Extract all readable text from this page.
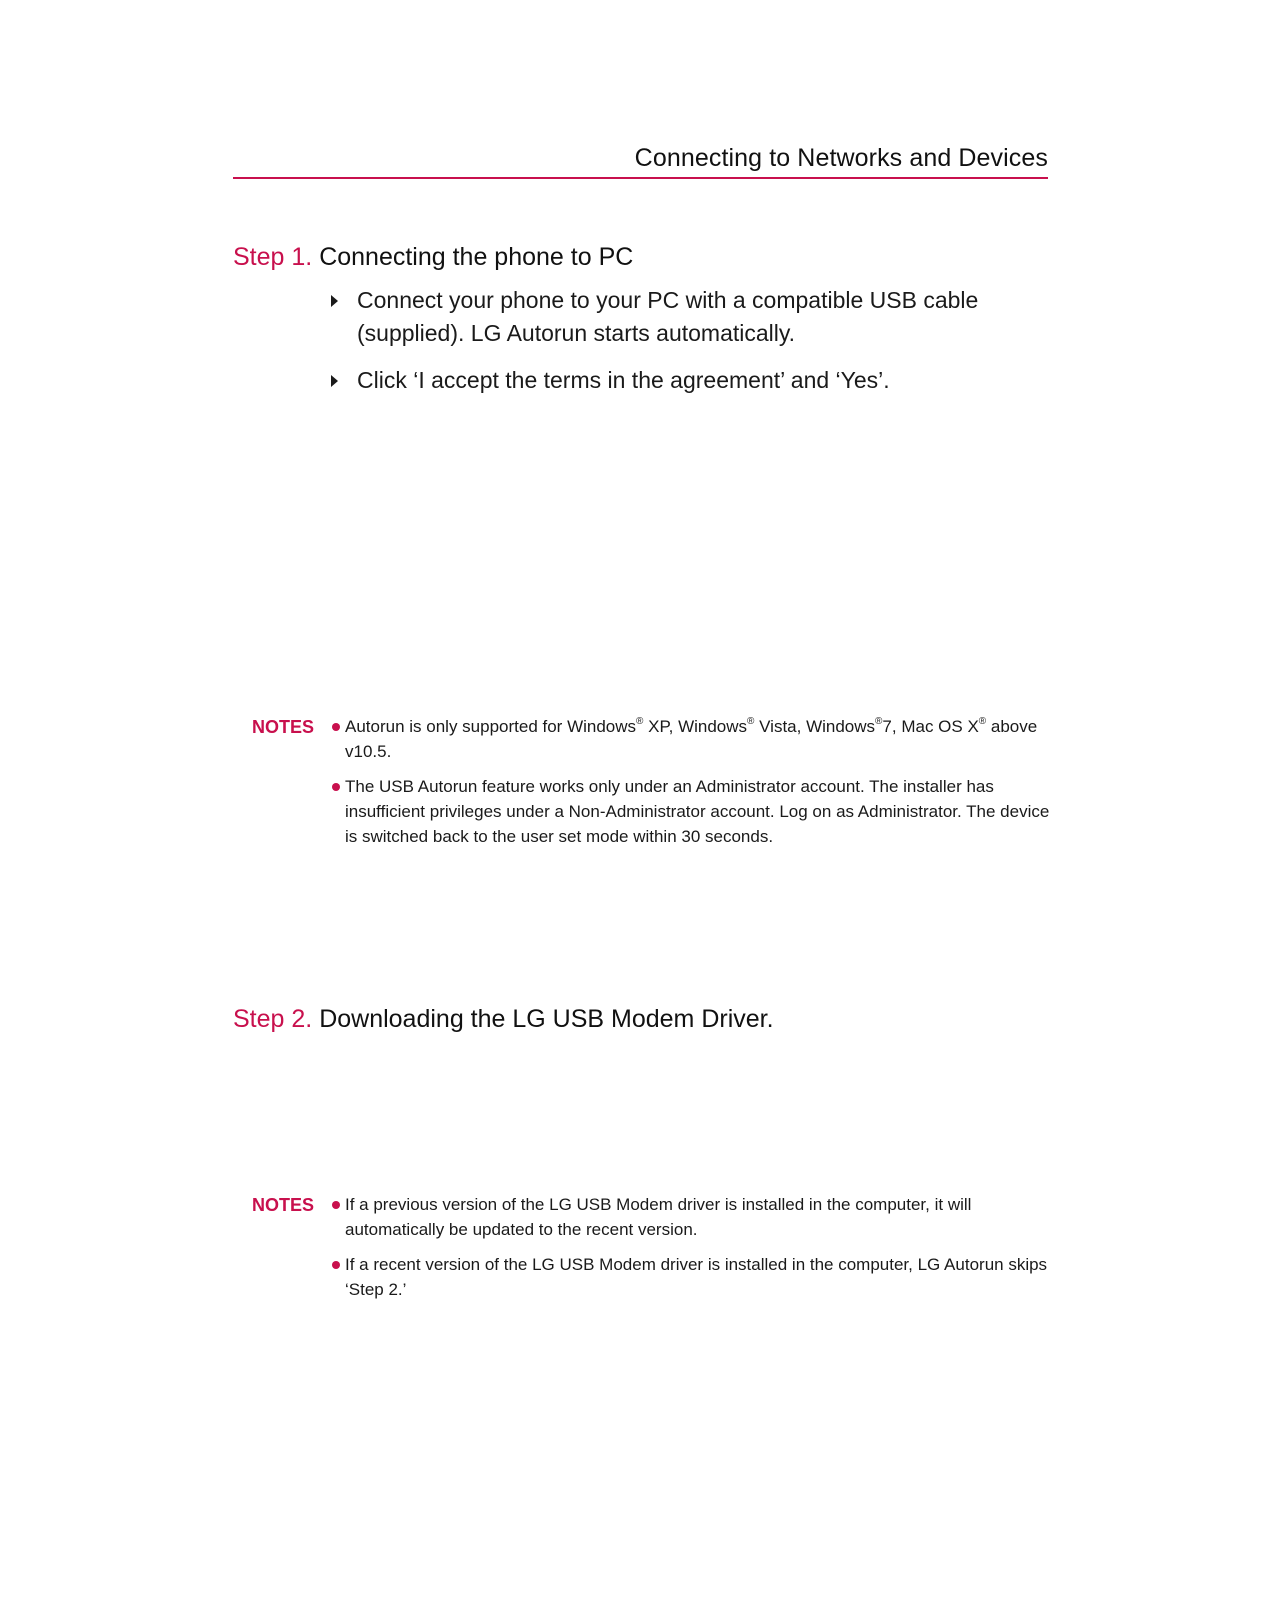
Connecting to Networks and Devices
Step 1. Connecting the phone to PC
Connect your phone to your PC with a compatible USB cable (supplied). LG Autorun starts automatically.
Click ‘I accept the terms in the agreement’ and ‘Yes’.
NOTES	Autorun is only supported for Windows® XP, Windows® Vista, Windows®7, Mac OS X® above v10.5.
The USB Autorun feature works only under an Administrator account. The installer has insufficient privileges under a Non-Administrator account. Log on as Administrator. The device is switched back to the user set mode within 30 seconds.
Step 2. Downloading the LG USB Modem Driver.
NOTES	If a previous version of the LG USB Modem driver is installed in the computer, it will automatically be updated to the recent version.
If a recent version of the LG USB Modem driver is installed in the computer, LG Autorun skips ‘Step 2.’
